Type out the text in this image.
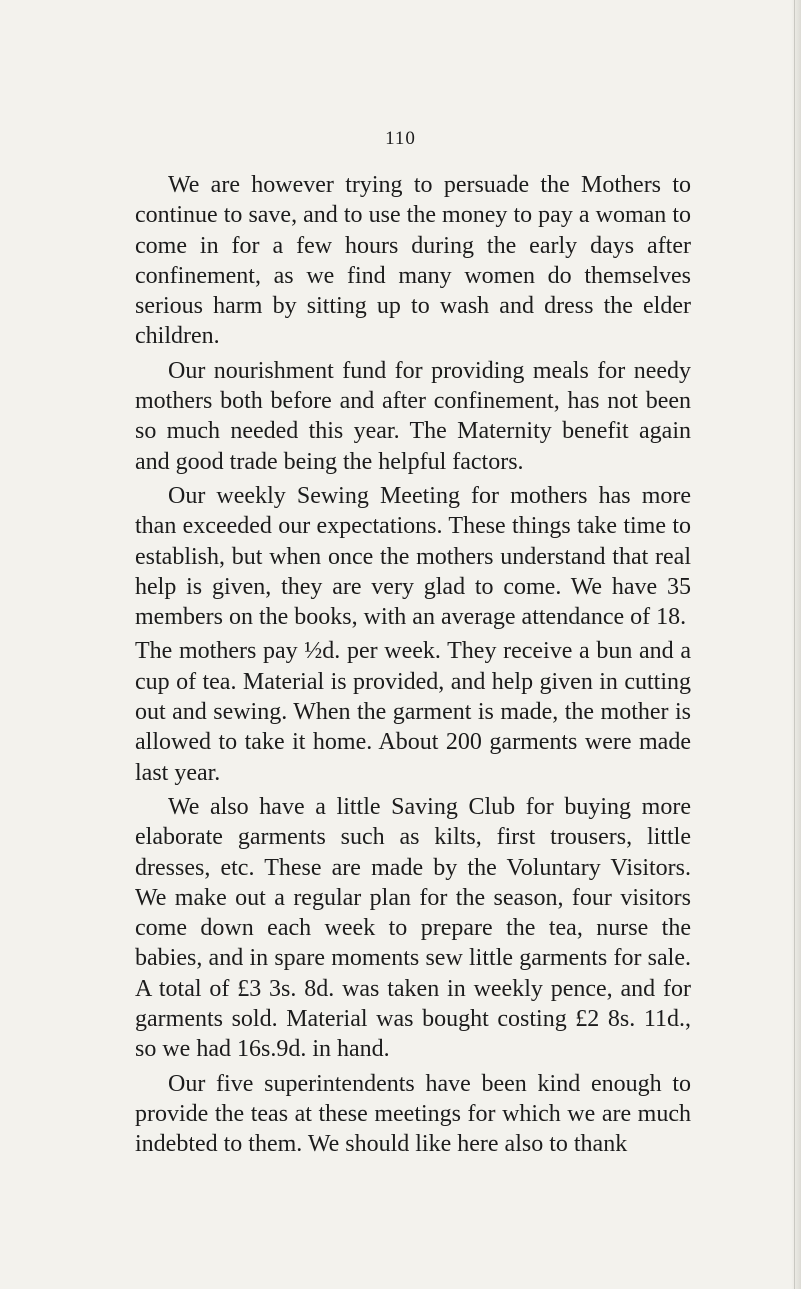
110

We are however trying to persuade the Mothers to continue to save, and to use the money to pay a woman to come in for a few hours during the early days after confinement, as we find many women do themselves serious harm by sitting up to wash and dress the elder children.

Our nourishment fund for providing meals for needy mothers both before and after confinement, has not been so much needed this year. The Maternity benefit again and good trade being the helpful factors.

Our weekly Sewing Meeting for mothers has more than exceeded our expectations. These things take time to establish, but when once the mothers understand that real help is given, they are very glad to come. We have 35 members on the books, with an average attendance of 18.

The mothers pay ½d. per week. They receive a bun and a cup of tea. Material is provided, and help given in cutting out and sewing. When the garment is made, the mother is allowed to take it home. About 200 garments were made last year.

We also have a little Saving Club for buying more elaborate garments such as kilts, first trousers, little dresses, etc. These are made by the Voluntary Visitors. We make out a regular plan for the season, four visitors come down each week to prepare the tea, nurse the babies, and in spare moments sew little garments for sale. A total of £3 3s. 8d. was taken in weekly pence, and for garments sold. Material was bought costing £2 8s. 11d., so we had 16s.9d. in hand.

Our five superintendents have been kind enough to provide the teas at these meetings for which we are much indebted to them. We should like here also to thank
